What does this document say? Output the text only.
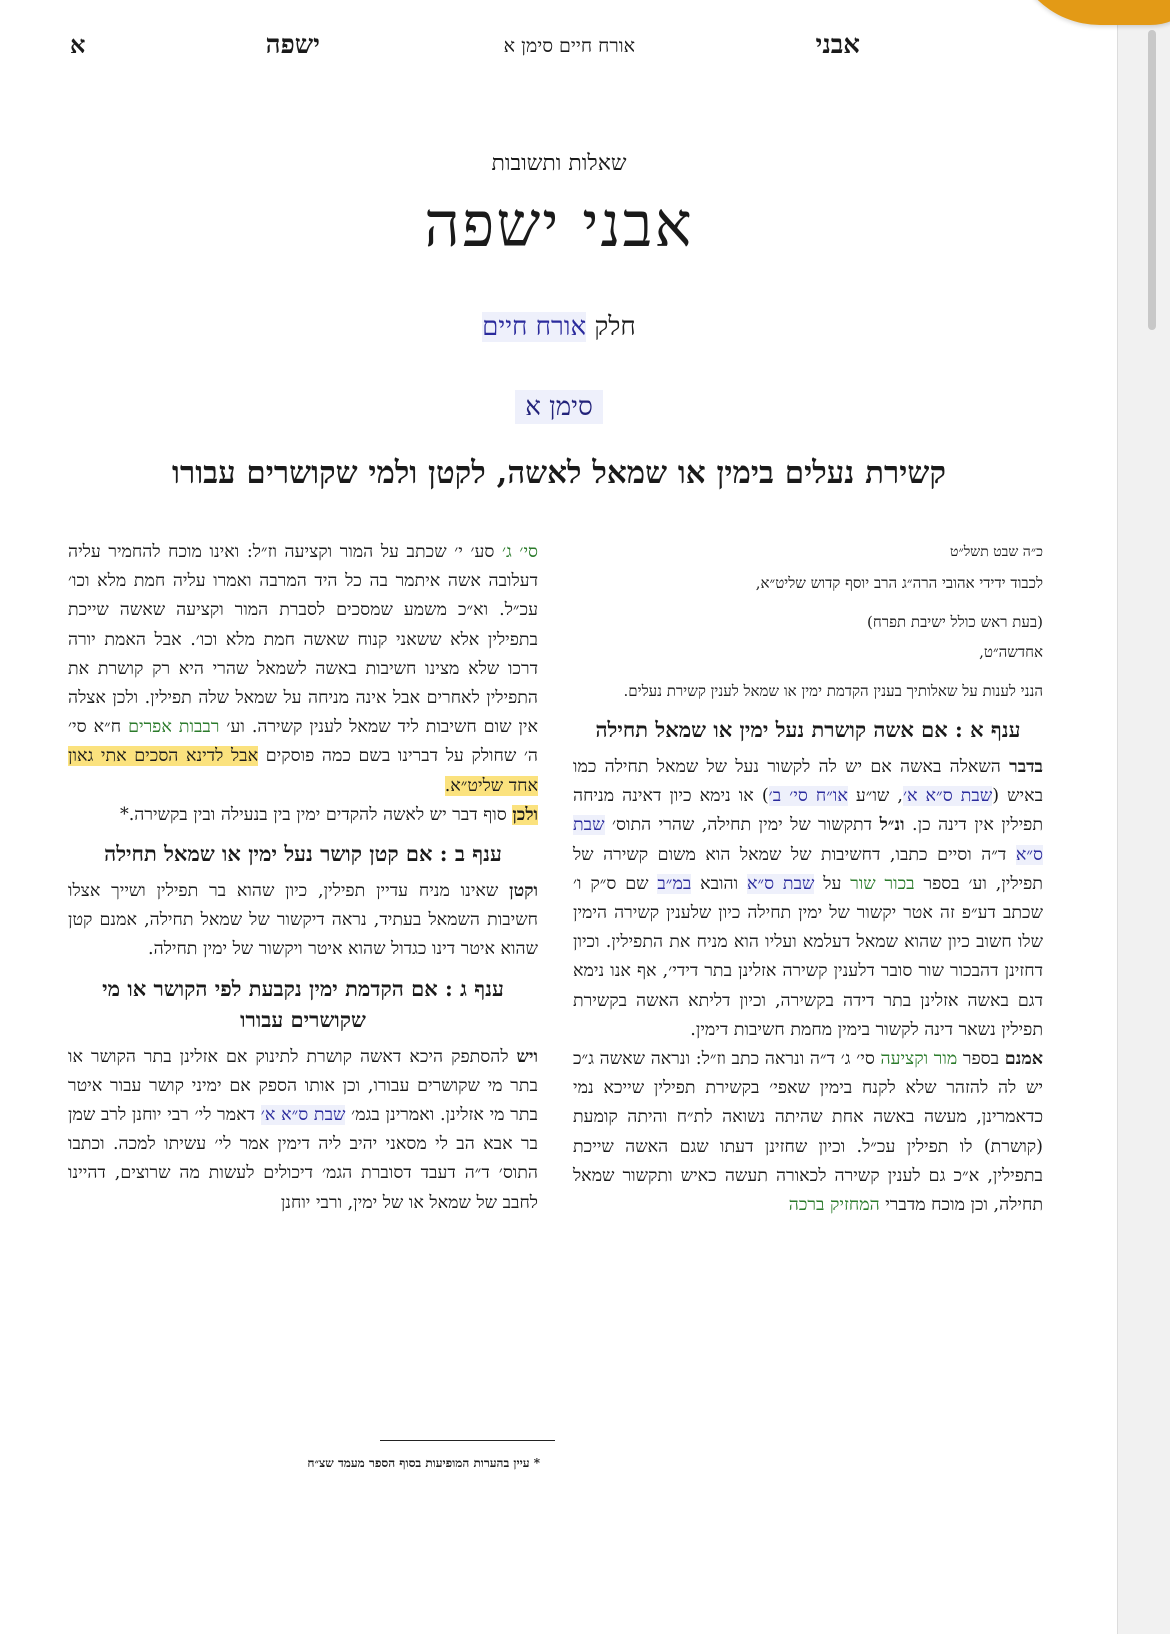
אבני
אורח חיים סימן א
ישפה
א

שאלות ותשובות

אבני ישפה
חלק אורח חיים
סימן א
קשירת נעלים בימין או שמאל לאשה, לקטן ולמי שקושרים עבורו

כ״ה שבט תשל״ט

לכבוד ידידי אהובי הרה״ג הרב יוסף קדוש שליט״א,

(בעת ראש כולל ישיבת תפרח)

אחדשה״ט,

הנני לענות על שאלותיך בענין הקדמת ימין או שמאל לענין קשירת נעלים.

ענף א : אם אשה קושרת נעל ימין או שמאל תחילה

בדבר השאלה באשה אם יש לה לקשור נעל של שמאל תחילה כמו באיש (שבת ס״א א׳, שו״ע או״ח סי׳ ב׳) או נימא כיון דאינה מניחה תפילין אין דינה כן. ונ״ל דתקשור של ימין תחילה, שהרי התוס׳ שבת ס״א ד״ה וסיים כתבו, דחשיבות של שמאל הוא משום קשירה של תפילין, וע׳ בספר בכור שור על שבת ס״א והובא במ״ב שם ס״ק ו׳ שכתב דע״פ זה אטר יקשור של ימין תחילה כיון שלענין קשירה הימין שלו חשוב כיון שהוא שמאל דעלמא ועליו הוא מניח את התפילין. וכיון דחזינן דהבכור שור סובר דלענין קשירה אזלינן בתר דידי׳, אף אנו נימא דגם באשה אזלינן בתר דידה בקשירה, וכיון דליתא האשה בקשירת תפילין נשאר דינה לקשור בימין מחמת חשיבות דימין.

אמנם בספר מור וקציעה סי׳ ג׳ ד״ה ונראה כתב וז״ל: ונראה שאשה ג״כ יש לה להזהר שלא לקנח בימין שאפי׳ בקשירת תפילין שייכא נמי כדאמרינן, מעשה באשה אחת שהיתה נשואה לת״ח והיתה קומעת (קושרת) לו תפילין עכ״ל. וכיון שחזינן דעתו שגם האשה שייכת בתפילין, א״כ גם לענין קשירה לכאורה תעשה כאיש ותקשור שמאל תחילה, וכן מוכח מדברי המחזיק ברכה

סי׳ ג׳ סע׳ י׳ שכתב על המור וקציעה וז״ל: ואינו מוכח להחמיר עליה דעלובה אשה איתמר בה כל היד המרבה ואמרו עליה חמת מלא וכו׳ עכ״ל. וא״כ משמע שמסכים לסברת המור וקציעה שאשה שייכת בתפילין אלא ששאני קנוח שאשה חמת מלא וכו׳. אבל האמת יורה דרכו שלא מצינו חשיבות באשה לשמאל שהרי היא רק קושרת את התפילין לאחרים אבל אינה מניחה על שמאל שלה תפילין. ולכן אצלה אין שום חשיבות ליד שמאל לענין קשירה. וע׳ רבבות אפרים ח״א סי׳ ה׳ שחולק על דברינו בשם כמה פוסקים אבל לדינא הסכים אתי גאון אחד שליט״א.

ולכן סוף דבר יש לאשה להקדים ימין בין בנעילה ובין בקשירה.*

ענף ב : אם קטן קושר נעל ימין או שמאל תחילה

וקטן שאינו מניח עדיין תפילין, כיון שהוא בר תפילין ושייך אצלו חשיבות השמאל בעתיד, נראה דיקשור של שמאל תחילה, אמנם קטן שהוא איטר דינו כגדול שהוא איטר ויקשור של ימין תחילה.

ענף ג : אם הקדמת ימין נקבעת לפי הקושר או מי שקושרים עבורו

ויש להסתפק היכא דאשה קושרת לתינוק אם אזלינן בתר הקושר או בתר מי שקושרים עבורו, וכן אותו הספק אם ימיני קושר עבור איטר בתר מי אזלינן. ואמרינן בגמ׳ שבת ס״א א׳ דאמר לי׳ רבי יוחנן לרב שמן בר אבא הב לי מסאני יהיב ליה דימין אמר לי׳ עשיתו למכה. וכתבו התוס׳ ד״ה דעבד דסוברת הגמ׳ דיכולים לעשות מה שרוצים, דהיינו לחבב של שמאל או של ימין, ורבי יוחנן

* עיין בהערות המופיעות בסוף הספר מעמד שצ״ח
